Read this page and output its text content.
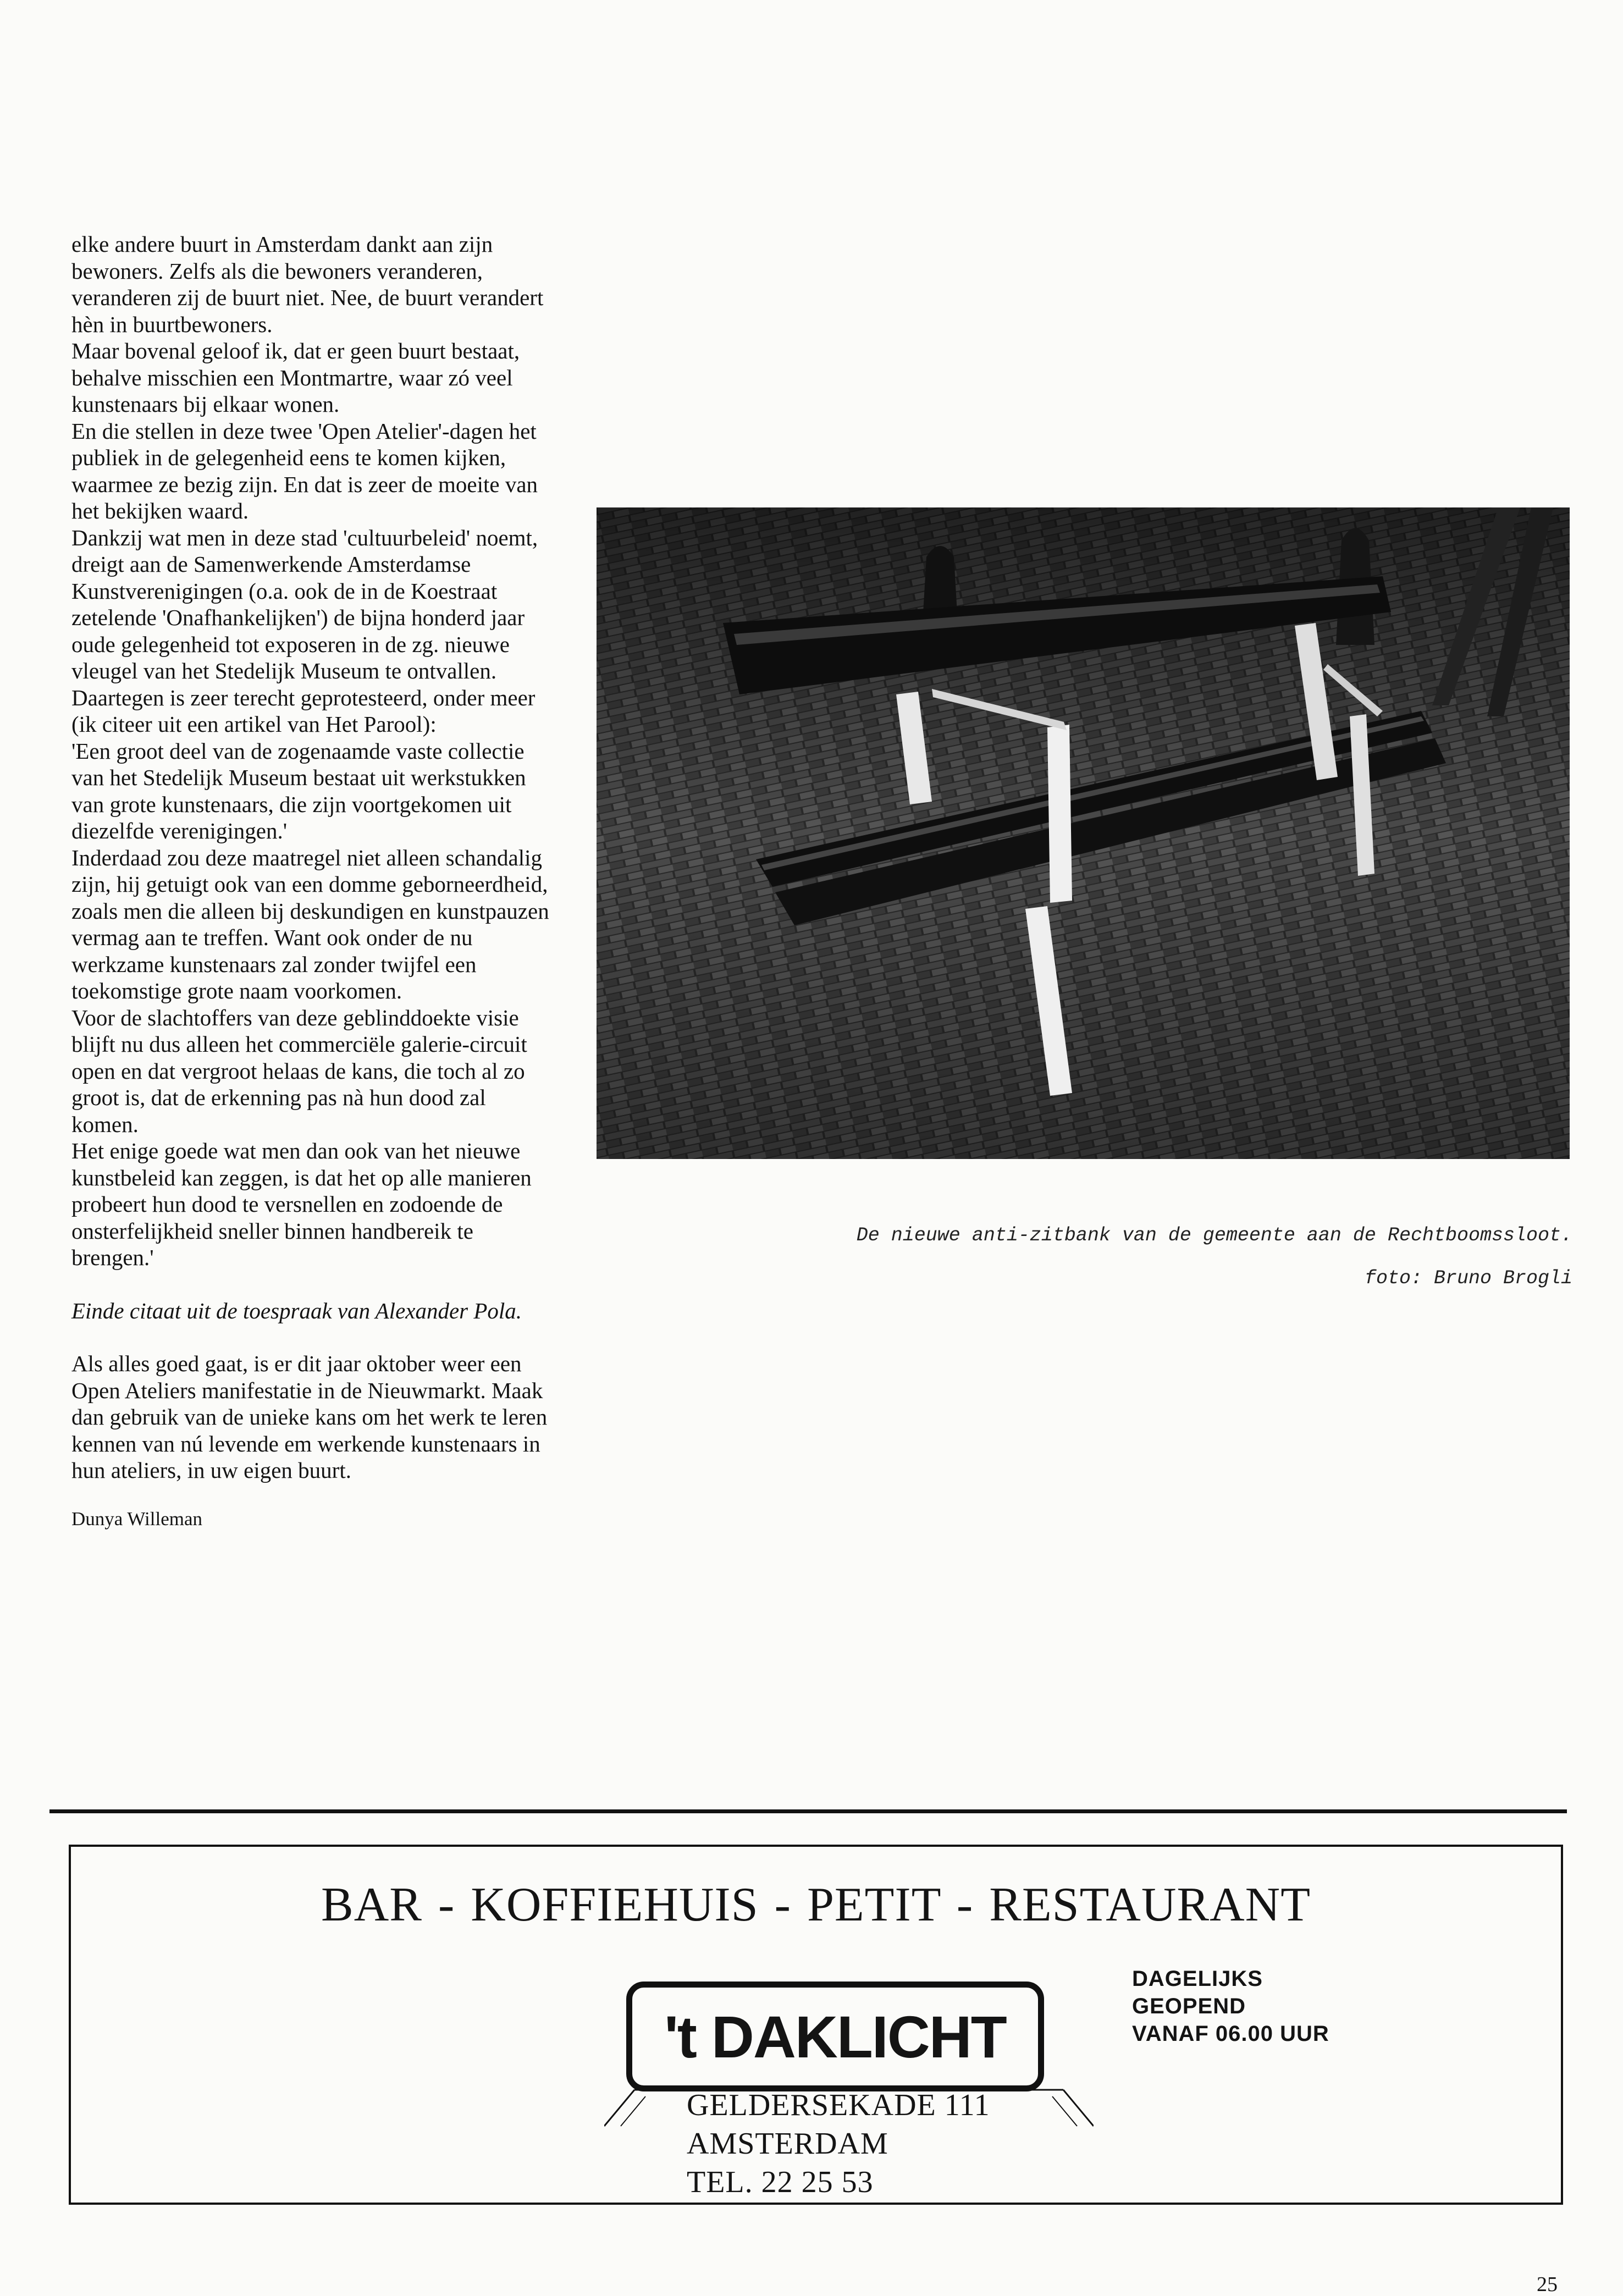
elke andere buurt in Amsterdam dankt aan zijn bewoners. Zelfs als die bewoners veranderen, veranderen zij de buurt niet. Nee, de buurt verandert hèn in buurtbewoners.

Maar bovenal geloof ik, dat er geen buurt bestaat, behalve misschien een Montmartre, waar zó veel kunstenaars bij elkaar wonen.

En die stellen in deze twee 'Open Atelier'-dagen het publiek in de gelegenheid eens te komen kijken, waarmee ze bezig zijn. En dat is zeer de moeite van het bekijken waard.

Dankzij wat men in deze stad 'cultuurbeleid' noemt, dreigt aan de Samenwerkende Amsterdamse Kunstverenigingen (o.a. ook de in de Koestraat zetelende 'Onafhankelijken') de bijna honderd jaar oude gelegenheid tot exposeren in de zg. nieuwe vleugel van het Stedelijk Museum te ontvallen. Daartegen is zeer terecht geprotesteerd, onder meer (ik citeer uit een artikel van Het Parool):

'Een groot deel van de zogenaamde vaste collectie van het Stedelijk Museum bestaat uit werkstukken van grote kunstenaars, die zijn voortgekomen uit diezelfde verenigingen.'

Inderdaad zou deze maatregel niet alleen schandalig zijn, hij getuigt ook van een domme geborneerdheid, zoals men die alleen bij deskundigen en kunstpauzen vermag aan te treffen. Want ook onder de nu werkzame kunstenaars zal zonder twijfel een toekomstige grote naam voorkomen.

Voor de slachtoffers van deze geblinddoekte visie blijft nu dus alleen het commerciële galerie-circuit open en dat vergroot helaas de kans, die toch al zo groot is, dat de erkenning pas nà hun dood zal komen.

Het enige goede wat men dan ook van het nieuwe kunstbeleid kan zeggen, is dat het op alle manieren probeert hun dood te versnellen en zodoende de onsterfelijkheid sneller binnen handbereik te brengen.'

Einde citaat uit de toespraak van Alexander Pola.

Als alles goed gaat, is er dit jaar oktober weer een Open Ateliers manifestatie in de Nieuwmarkt. Maak dan gebruik van de unieke kans om het werk te leren kennen van nú levende em werkende kunstenaars in hun ateliers, in uw eigen buurt.

Dunya Willeman

De nieuwe anti-zitbank van de gemeente aan de Rechtboomssloot.
foto: Bruno Brogli
BAR - KOFFIEHUIS - PETIT - RESTAURANT
't DAKLICHT
GELDERSEKADE 111
AMSTERDAM
TEL. 22 25 53
DAGELIJKS
GEOPEND
VANAF 06.00 UUR
25
